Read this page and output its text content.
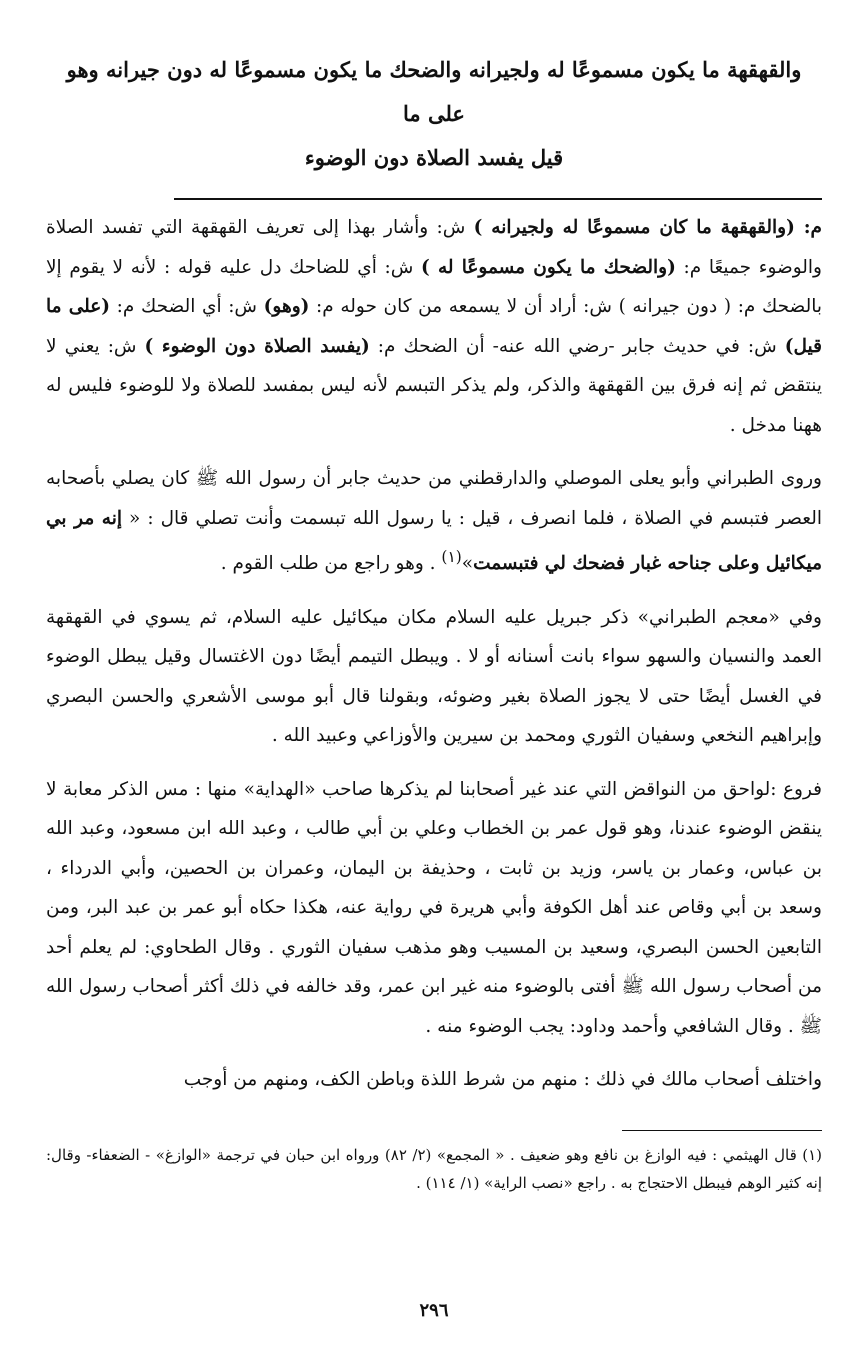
والقهقهة ما يكون مسموعًا له ولجيرانه والضحك ما يكون مسموعًا له دون جيرانه وهو على ما
قيل يفسد الصلاة دون الوضوء

م: (والقهقهة ما كان مسموعًا له ولجيرانه ) ش: وأشار بهذا إلى تعريف القهقهة التي تفسد الصلاة والوضوء جميعًا م: (والضحك ما يكون مسموعًا له ) ش: أي للضاحك دل عليه قوله : لأنه لا يقوم إلا بالضحك م: ( دون جيرانه ) ش: أراد أن لا يسمعه من كان حوله م: (وهو) ش: أي الضحك م: (على ما قيل) ش: في حديث جابر -رضي الله عنه- أن الضحك م: (يفسد الصلاة دون الوضوء ) ش: يعني لا ينتقض ثم إنه فرق بين القهقهة والذكر، ولم يذكر التبسم لأنه ليس بمفسد للصلاة ولا للوضوء فليس له ههنا مدخل .

وروى الطبراني وأبو يعلى الموصلي والدارقطني من حديث جابر أن رسول الله ﷺ كان يصلي بأصحابه العصر فتبسم في الصلاة ، فلما انصرف ، قيل : يا رسول الله تبسمت وأنت تصلي قال : « إنه مر بي ميكائيل وعلى جناحه غبار فضحك لي فتبسمت»$^{(١)}$ . وهو راجع من طلب القوم .

وفي «معجم الطبراني» ذكر جبريل عليه السلام مكان ميكائيل عليه السلام، ثم يسوي في القهقهة العمد والنسيان والسهو سواء بانت أسنانه أو لا . ويبطل التيمم أيضًا دون الاغتسال وقيل يبطل الوضوء في الغسل أيضًا حتى لا يجوز الصلاة بغير وضوئه، وبقولنا قال أبو موسى الأشعري والحسن البصري وإبراهيم النخعي وسفيان الثوري ومحمد بن سيرين والأوزاعي وعبيد الله .

فروع :لواحق من النواقض التي عند غير أصحابنا لم يذكرها صاحب «الهداية» منها : مس الذكر معابة لا ينقض الوضوء عندنا، وهو قول عمر بن الخطاب وعلي بن أبي طالب ، وعبد الله ابن مسعود، وعبد الله بن عباس، وعمار بن ياسر، وزيد بن ثابت ، وحذيفة بن اليمان، وعمران بن الحصين، وأبي الدرداء ، وسعد بن أبي وقاص عند أهل الكوفة وأبي هريرة في رواية عنه، هكذا حكاه أبو عمر بن عبد البر، ومن التابعين الحسن البصري، وسعيد بن المسيب وهو مذهب سفيان الثوري . وقال الطحاوي: لم يعلم أحد من أصحاب رسول الله ﷺ أفتى بالوضوء منه غير ابن عمر، وقد خالفه في ذلك أكثر أصحاب رسول الله ﷺ . وقال الشافعي وأحمد وداود: يجب الوضوء منه .

واختلف أصحاب مالك في ذلك : منهم من شرط اللذة وباطن الكف، ومنهم من أوجب

(١) قال الهيثمي : فيه الوازغ بن نافع وهو ضعيف . « المجمع» (٢/ ٨٢) ورواه ابن حبان في ترجمة «الوازغ» - الضعفاء- وقال: إنه كثير الوهم فيبطل الاحتجاج به . راجع «نصب الراية» (١/ ١١٤) .

٢٩٦
